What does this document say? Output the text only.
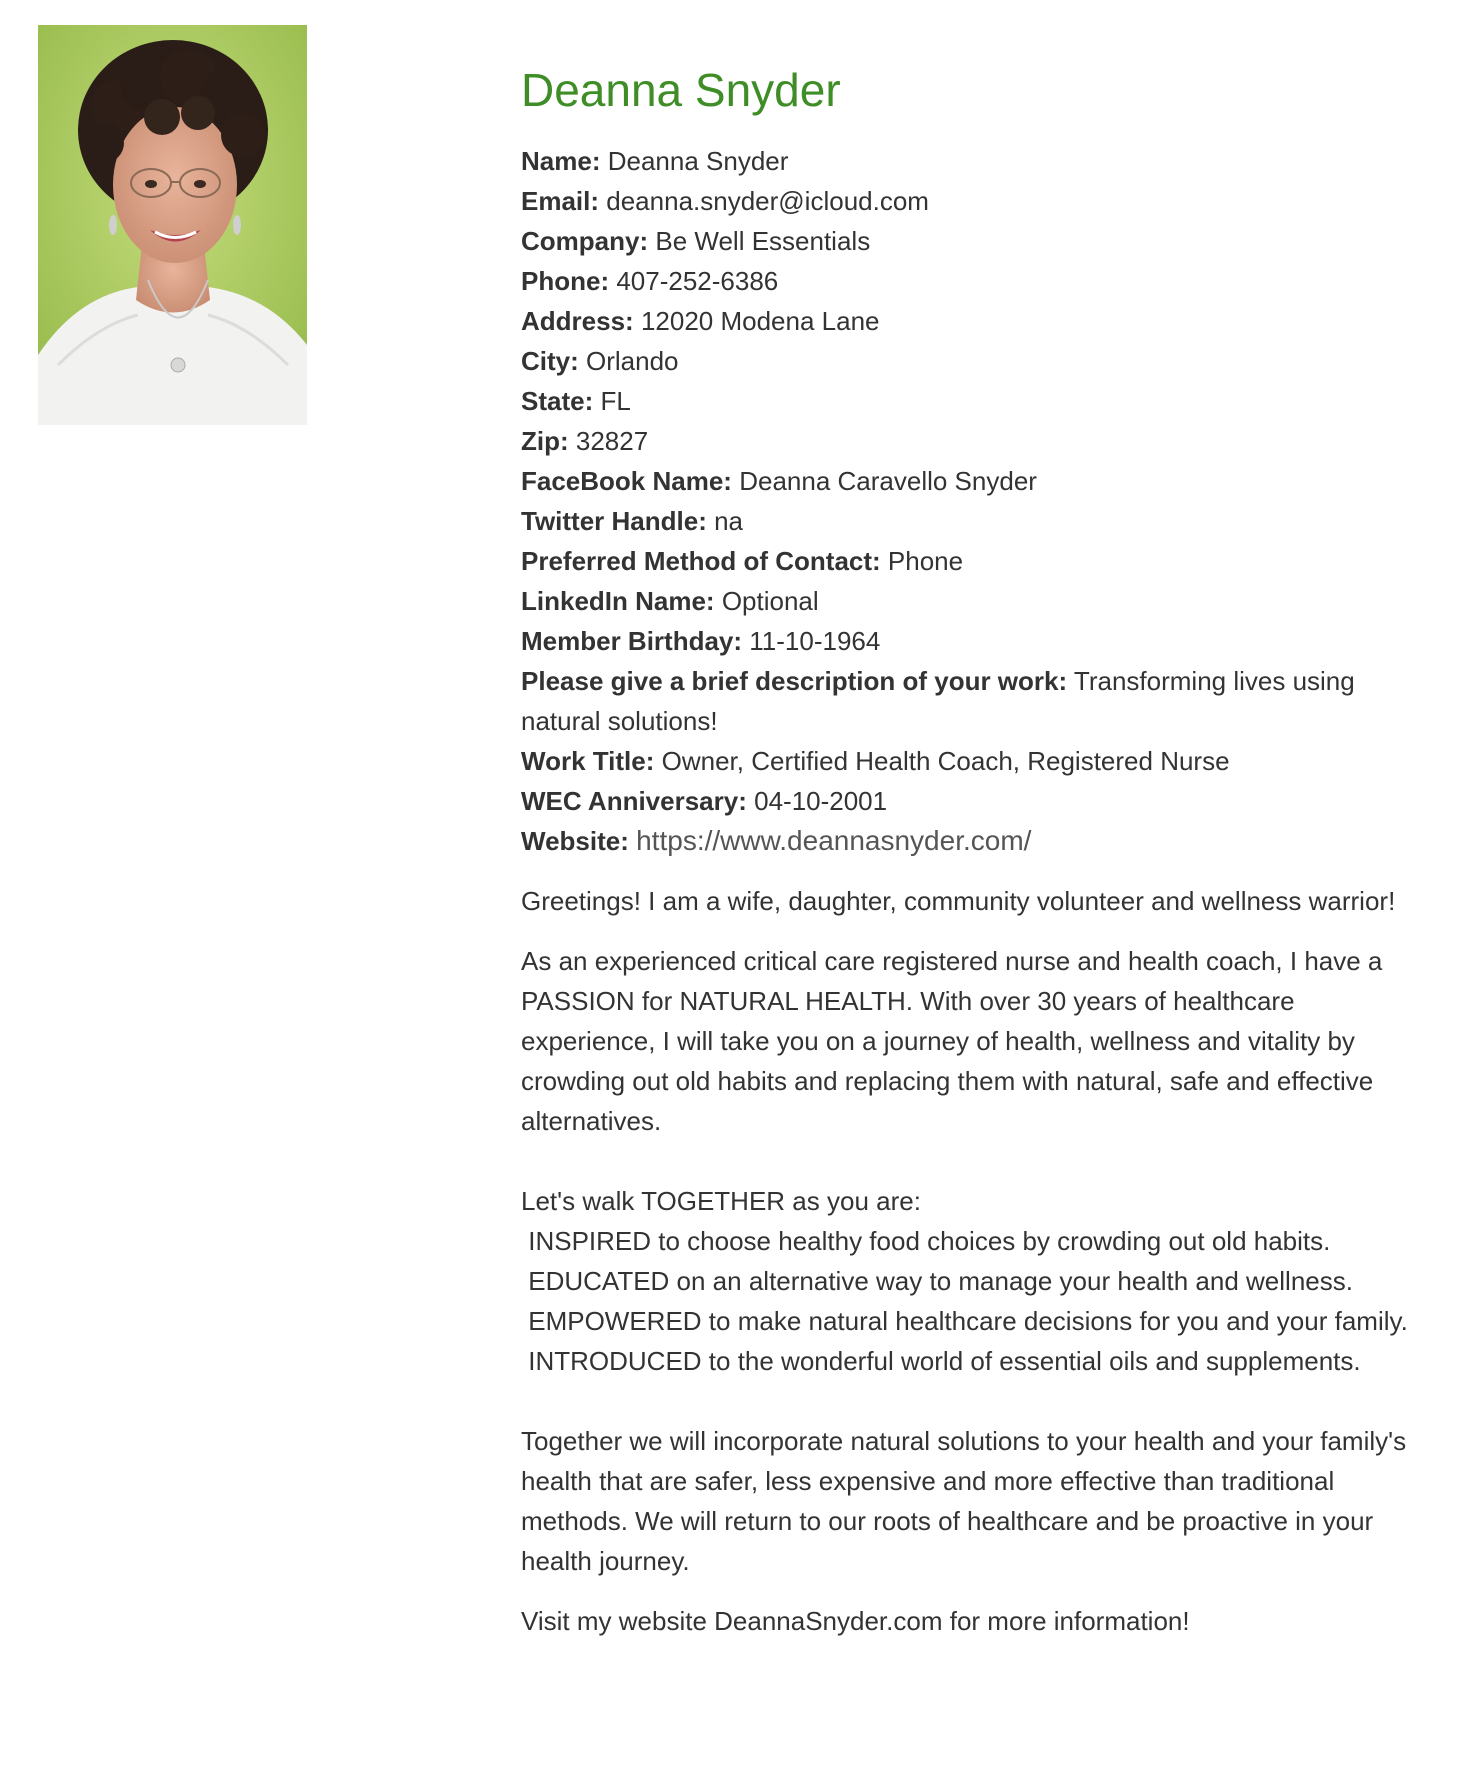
Deanna Snyder
Name: Deanna Snyder
Email: deanna.snyder@icloud.com
Company: Be Well Essentials
Phone: 407-252-6386
Address: 12020 Modena Lane
City: Orlando
State: FL
Zip: 32827
FaceBook Name: Deanna Caravello Snyder
Twitter Handle: na
Preferred Method of Contact: Phone
LinkedIn Name: Optional
Member Birthday: 11-10-1964
Please give a brief description of your work: Transforming lives using natural solutions!
Work Title: Owner, Certified Health Coach, Registered Nurse
WEC Anniversary: 04-10-2001
Website: https://www.deannasnyder.com/

Greetings! I am a wife, daughter, community volunteer and wellness warrior!

As an experienced critical care registered nurse and health coach, I have a PASSION for NATURAL HEALTH. With over 30 years of healthcare experience, I will take you on a journey of health, wellness and vitality by crowding out old habits and replacing them with natural, safe and effective alternatives.

Let's walk TOGETHER as you are:

INSPIRED to choose healthy food choices by crowding out old habits.

EDUCATED on an alternative way to manage your health and wellness.

EMPOWERED to make natural healthcare decisions for you and your family.

INTRODUCED to the wonderful world of essential oils and supplements.

Together we will incorporate natural solutions to your health and your family's health that are safer, less expensive and more effective than traditional methods. We will return to our roots of healthcare and be proactive in your health journey.

Visit my website DeannaSnyder.com for more information!
